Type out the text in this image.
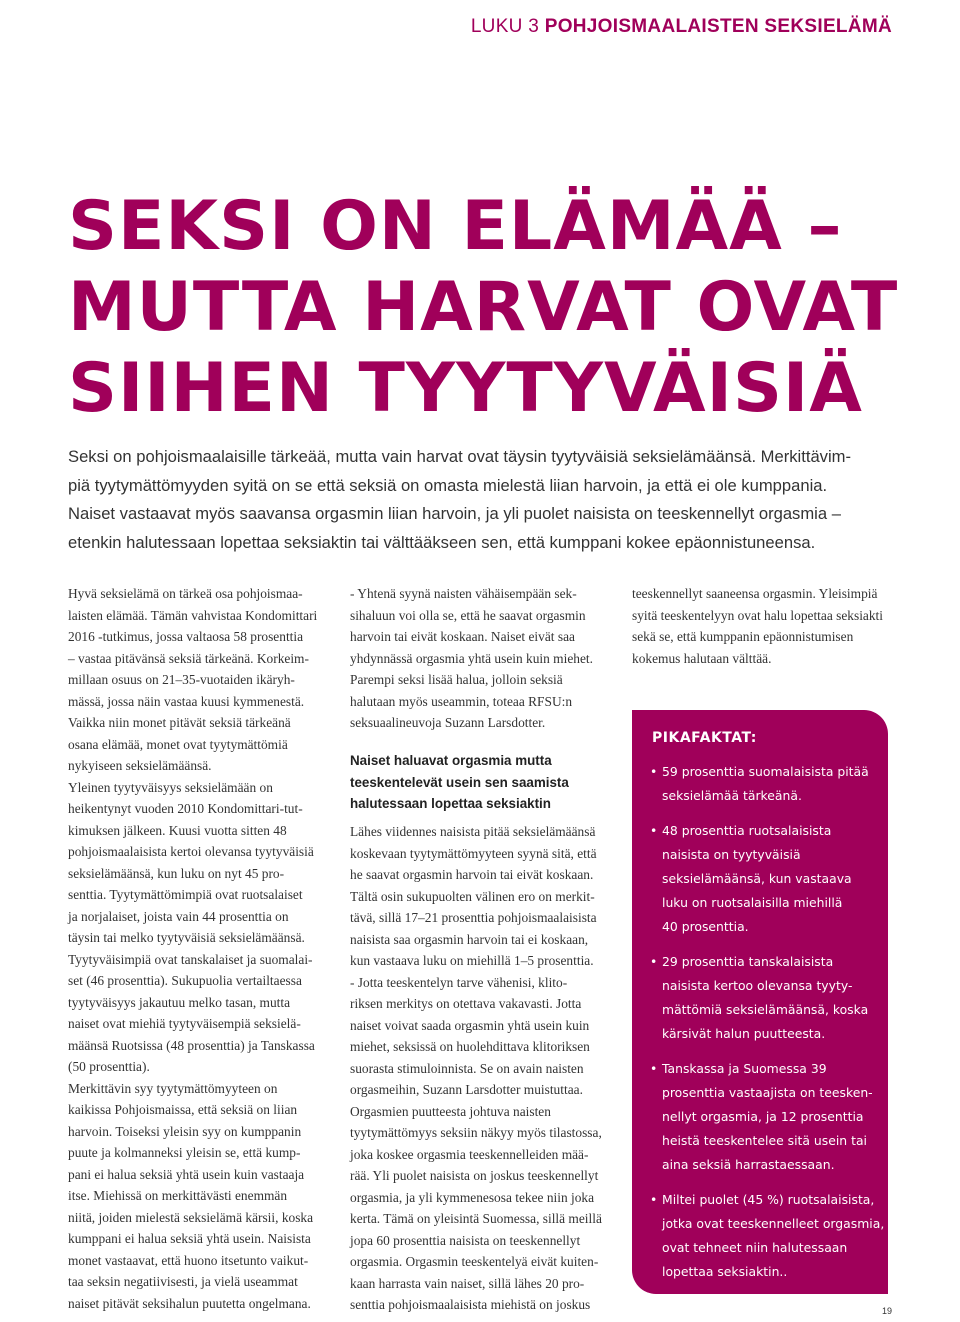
LUKU 3 POHJOISMAALAISTEN SEKSIELÄMÄ
SEKSI ON ELÄMÄÄ –
MUTTA HARVAT OVAT
SIIHEN TYYTYVÄISIÄ

Seksi on pohjoismaalaisille tärkeää, mutta vain harvat ovat täysin tyytyväisiä seksielämäänsä. Merkittävim-
piä tyytymättömyyden syitä on se että seksiä on omasta mielestä liian harvoin, ja että ei ole kumppania.
Naiset vastaavat myös saavansa orgasmin liian harvoin, ja yli puolet naisista on teeskennellyt orgasmia –
etenkin halutessaan lopettaa seksiaktin tai välttääkseen sen, että kumppani kokee epäonnistuneensa.

Hyvä seksielämä on tärkeä osa pohjoismaa-
laisten elämää. Tämän vahvistaa Kondomittari
2016 -tutkimus, jossa valtaosa 58 prosenttia
– vastaa pitävänsä seksiä tärkeänä. Korkeim-
millaan osuus on 21–35-vuotaiden ikäryh-
mässä, jossa näin vastaa kuusi kymmenestä.
Vaikka niin monet pitävät seksiä tärkeänä
osana elämää, monet ovat tyytymättömiä
nykyiseen seksielämäänsä.
Yleinen tyytyväisyys seksielämään on
heikentynyt vuoden 2010 Kondomittari-tut-
kimuksen jälkeen. Kuusi vuotta sitten 48
pohjoismaalaisista kertoi olevansa tyytyväisiä
seksielämäänsä, kun luku on nyt 45 pro-
senttia. Tyytymättömimpiä ovat ruotsalaiset
ja norjalaiset, joista vain 44 prosenttia on
täysin tai melko tyytyväisiä seksielämäänsä.
Tyytyväisimpiä ovat tanskalaiset ja suomalai-
set (46 prosenttia). Sukupuolia vertailtaessa
tyytyväisyys jakautuu melko tasan, mutta
naiset ovat miehiä tyytyväisempiä seksielä-
määnsä Ruotsissa (48 prosenttia) ja Tanskassa
(50 prosenttia).
Merkittävin syy tyytymättömyyteen on
kaikissa Pohjoismaissa, että seksiä on liian
harvoin. Toiseksi yleisin syy on kumppanin
puute ja kolmanneksi yleisin se, että kump-
pani ei halua seksiä yhtä usein kuin vastaaja
itse. Miehissä on merkittävästi enemmän
niitä, joiden mielestä seksielämä kärsii, koska
kumppani ei halua seksiä yhtä usein. Naisista
monet vastaavat, että huono itsetunto vaikut-
taa seksin negatiivisesti, ja vielä useammat
naiset pitävät seksihalun puutetta ongelmana.
- Yhtenä syynä naisten vähäisempään sek-
sihaluun voi olla se, että he saavat orgasmin
harvoin tai eivät koskaan. Naiset eivät saa
yhdynnässä orgasmia yhtä usein kuin miehet.
Parempi seksi lisää halua, jolloin seksiä
halutaan myös useammin, toteaa RFSU:n
seksuaalineuvoja Suzann Larsdotter.
Naiset haluavat orgasmia mutta
teeskentelevät usein sen saamista
halutessaan lopettaa seksiaktin
Lähes viidennes naisista pitää seksielämäänsä
koskevaan tyytymättömyyteen syynä sitä, että
he saavat orgasmin harvoin tai eivät koskaan.
Tältä osin sukupuolten välinen ero on merkit-
tävä, sillä 17–21 prosenttia pohjoismaalaisista
naisista saa orgasmin harvoin tai ei koskaan,
kun vastaava luku on miehillä 1–5 prosenttia.
- Jotta teeskentelyn tarve vähenisi, klito-
riksen merkitys on otettava vakavasti. Jotta
naiset voivat saada orgasmin yhtä usein kuin
miehet, seksissä on huolehdittava klitoriksen
suorasta stimuloinnista. Se on avain naisten
orgasmeihin, Suzann Larsdotter muistuttaa.
Orgasmien puutteesta johtuva naisten
tyytymättömyys seksiin näkyy myös tilastossa,
joka koskee orgasmia teeskennelleiden mää-
rää. Yli puolet naisista on joskus teeskennellyt
orgasmia, ja yli kymmenesosa tekee niin joka
kerta. Tämä on yleisintä Suomessa, sillä meillä
jopa 60 prosenttia naisista on teeskennellyt
orgasmia. Orgasmin teeskentelyä eivät kuiten-
kaan harrasta vain naiset, sillä lähes 20 pro-
senttia pohjoismaalaisista miehistä on joskus
teeskennellyt saaneensa orgasmin. Yleisimpiä
syitä teeskentelyyn ovat halu lopettaa seksiakti
sekä se, että kumppanin epäonnistumisen
kokemus halutaan välttää.
PIKAFAKTAT:
• 59 prosenttia suomalaisista pitää
seksielämää tärkeänä.
• 48 prosenttia ruotsalaisista
naisista on tyytyväisiä
seksielämäänsä, kun vastaava
luku on ruotsalaisilla miehillä
40 prosenttia.
• 29 prosenttia tanskalaisista
naisista kertoo olevansa tyyty-
mättömiä seksielämäänsä, koska
kärsivät halun puutteesta.
• Tanskassa ja Suomessa 39
prosenttia vastaajista on teesken-
nellyt orgasmia, ja 12 prosenttia
heistä teeskentelee sitä usein tai
aina seksiä harrastaessaan.
• Miltei puolet (45 %) ruotsalaisista,
jotka ovat teeskennelleet orgasmia,
ovat tehneet niin halutessaan
lopettaa seksiaktin..
19
